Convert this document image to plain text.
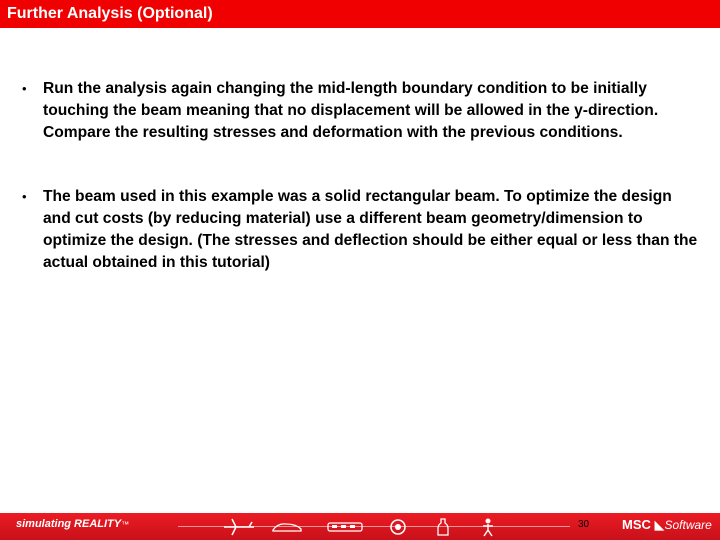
Further Analysis (Optional)
• Run the analysis again changing the mid-length boundary condition to be initially touching the beam meaning that no displacement will be allowed in the y-direction. Compare the resulting stresses and deformation with the previous conditions.
• The beam used in this example was a solid rectangular beam. To optimize the design and cut costs (by reducing material) use a different beam geometry/dimension to optimize the design. (The stresses and deflection should be either equal or less than the actual obtained in this tutorial)
simulating REALITY™	30	MSC ◣Software
